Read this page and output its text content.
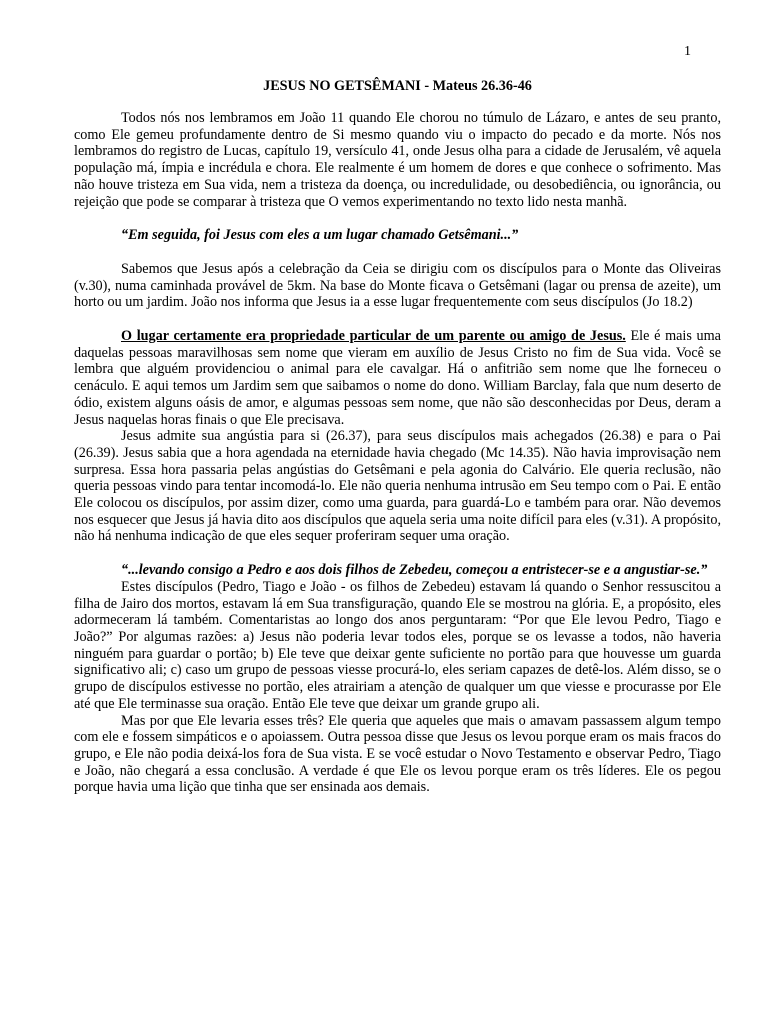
1
JESUS NO GETSÊMANI - Mateus 26.36-46

Todos nós nos lembramos em João 11 quando Ele chorou no túmulo de Lázaro, e antes de seu pranto, como Ele gemeu profundamente dentro de Si mesmo quando viu o impacto do pecado e da morte. Nós nos lembramos do registro de Lucas, capítulo 19, versículo 41, onde Jesus olha para a cidade de Jerusalém, vê aquela população má, ímpia e incrédula e chora. Ele realmente é um homem de dores e que conhece o sofrimento. Mas não houve tristeza em Sua vida, nem a tristeza da doença, ou incredulidade, ou desobediência, ou ignorância, ou rejeição que pode se comparar à tristeza que O vemos experimentando no texto lido nesta manhã.

“Em seguida, foi Jesus com eles a um lugar chamado Getsêmani...”

Sabemos que Jesus após a celebração da Ceia se dirigiu com os discípulos para o Monte das Oliveiras (v.30), numa caminhada provável de 5km. Na base do Monte ficava o Getsêmani (lagar ou prensa de azeite), um horto ou um jardim. João nos informa que Jesus ia a esse lugar frequentemente com seus discípulos (Jo 18.2)

O lugar certamente era propriedade particular de um parente ou amigo de Jesus. Ele é mais uma daquelas pessoas maravilhosas sem nome que vieram em auxílio de Jesus Cristo no fim de Sua vida. Você se lembra que alguém providenciou o animal para ele cavalgar. Há o anfitrião sem nome que lhe forneceu o cenáculo. E aqui temos um Jardim sem que saibamos o nome do dono. William Barclay, fala que num deserto de ódio, existem alguns oásis de amor, e algumas pessoas sem nome, que não são desconhecidas por Deus, deram a Jesus naquelas horas finais o que Ele precisava.

Jesus admite sua angústia para si (26.37), para seus discípulos mais achegados (26.38) e para o Pai (26.39). Jesus sabia que a hora agendada na eternidade havia chegado (Mc 14.35). Não havia improvisação nem surpresa. Essa hora passaria pelas angústias do Getsêmani e pela agonia do Calvário. Ele queria reclusão, não queria pessoas vindo para tentar incomodá-lo. Ele não queria nenhuma intrusão em Seu tempo com o Pai. E então Ele colocou os discípulos, por assim dizer, como uma guarda, para guardá-Lo e também para orar. Não devemos nos esquecer que Jesus já havia dito aos discípulos que aquela seria uma noite difícil para eles (v.31). A propósito, não há nenhuma indicação de que eles sequer proferiram sequer uma oração.

“...levando consigo a Pedro e aos dois filhos de Zebedeu, começou a entristecer-se e a angustiar-se.”

Estes discípulos (Pedro, Tiago e João - os filhos de Zebedeu) estavam lá quando o Senhor ressuscitou a filha de Jairo dos mortos, estavam lá em Sua transfiguração, quando Ele se mostrou na glória. E, a propósito, eles adormeceram lá também. Comentaristas ao longo dos anos perguntaram: “Por que Ele levou Pedro, Tiago e João?” Por algumas razões: a) Jesus não poderia levar todos eles, porque se os levasse a todos, não haveria ninguém para guardar o portão; b) Ele teve que deixar gente suficiente no portão para que houvesse um guarda significativo ali; c) caso um grupo de pessoas viesse procurá-lo, eles seriam capazes de detê-los. Além disso, se o grupo de discípulos estivesse no portão, eles atrairiam a atenção de qualquer um que viesse e procurasse por Ele até que Ele terminasse sua oração. Então Ele teve que deixar um grande grupo ali.

Mas por que Ele levaria esses três? Ele queria que aqueles que mais o amavam passassem algum tempo com ele e fossem simpáticos e o apoiassem. Outra pessoa disse que Jesus os levou porque eram os mais fracos do grupo, e Ele não podia deixá-los fora de Sua vista. E se você estudar o Novo Testamento e observar Pedro, Tiago e João, não chegará a essa conclusão. A verdade é que Ele os levou porque eram os três líderes. Ele os pegou porque havia uma lição que tinha que ser ensinada aos demais.
